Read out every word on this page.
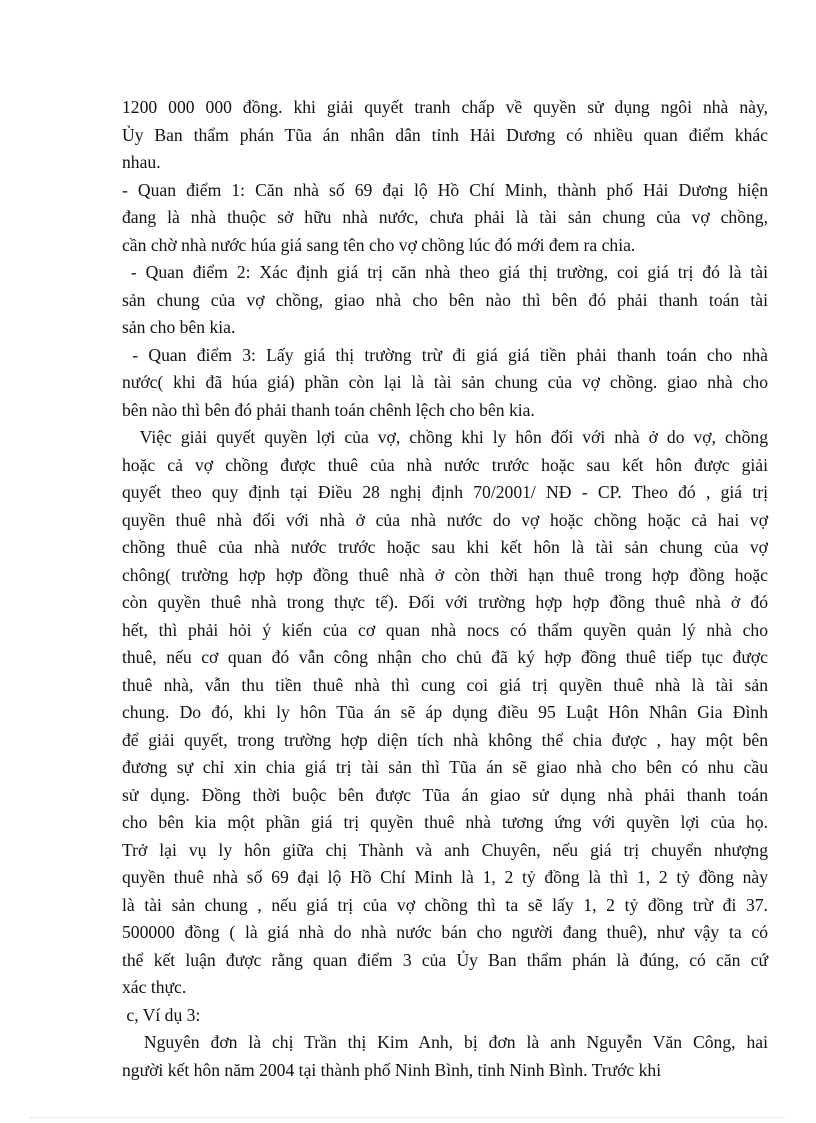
1200 000 000 đồng. khi giải quyết tranh chấp về quyền sử dụng ngôi nhà này,
Ủy Ban thẩm phán Tũa án nhân dân tỉnh Hải Dương có nhiều quan điểm khác
nhau.
- Quan điểm 1: Căn nhà số 69 đại lộ Hồ Chí Minh, thành phố Hải Dương hiện
đang là nhà thuộc sở hữu nhà nước, chưa phải là tài sản chung của vợ chồng,
cần chờ nhà nước húa giá sang tên cho vợ chồng lúc đó mới đem ra chia.
- Quan điểm 2: Xác định giá trị căn nhà theo giá thị trường, coi giá trị đó là tài
sản chung của vợ chồng, giao nhà cho bên nào thì bên đó phải thanh toán tài
sản cho bên kia.
- Quan điểm 3: Lấy giá thị trường trừ đi giá giá tiền phải thanh toán cho nhà
nước( khi đã húa giá) phần còn lại là tài sản chung của vợ chồng. giao nhà cho
bên nào thì bên đó phải thanh toán chênh lệch cho bên kia.
Việc giải quyết quyền lợi của vợ, chồng khi ly hôn đối với nhà ở do vợ, chồng
hoặc cả vợ chồng được thuê của nhà nước trước hoặc sau kết hôn được giải
quyết theo quy định tại Điều 28 nghị định 70/2001/ NĐ - CP. Theo đó , giá trị
quyền thuê nhà đối với nhà ở của nhà nước do vợ hoặc chồng hoặc cả hai vợ
chồng thuê của nhà nước trước hoặc sau khi kết hôn là tài sản chung của vợ
chông( trường hợp hợp đồng thuê nhà ở còn thời hạn thuê trong hợp đồng hoặc
còn quyền thuê nhà trong thực tế). Đối với trường hợp hợp đồng thuê nhà ở đó
hết, thì phải hỏi ý kiến của cơ quan nhà nocs có thẩm quyền quản lý nhà cho
thuê, nếu cơ quan đó vẫn công nhận cho chủ đã ký hợp đồng thuê tiếp tục được
thuê nhà, vẫn thu tiền thuê nhà thì cung coi giá trị quyền thuê nhà là tài sản
chung. Do đó, khi ly hôn Tũa án sẽ áp dụng điều 95 Luật Hôn Nhân Gia Đình
để giải quyết, trong trường hợp diện tích nhà không thể chia được , hay một bên
đương sự chỉ xin chia giá trị tài sản thì Tũa án sẽ giao nhà cho bên có nhu cầu
sử dụng. Đồng thời buộc bên được Tũa án giao sử dụng nhà phải thanh toán
cho bên kia một phần giá trị quyền thuê nhà tương ứng với quyền lợi của họ.
Trở lại vụ ly hôn giữa chị Thành và anh Chuyên, nếu giá trị chuyển nhượng
quyền thuê nhà số 69 đại lộ Hồ Chí Minh là 1, 2 tỷ đồng là thì 1, 2 tỷ đồng này
là tài sản chung , nếu giá trị của vợ chồng thì ta sẽ lấy 1, 2 tỷ đồng trừ đi 37.
500000 đồng ( là giá nhà do nhà nước bán cho người đang thuê), như vậy ta có
thể kết luận được rằng quan điểm 3 của Ủy Ban thẩm phán là đúng, có căn cứ
xác thực.
c, Ví dụ 3:
Nguyên đơn là chị Trần thị Kim Anh, bị đơn là anh Nguyễn Văn Công, hai
người kết hôn năm 2004 tại thành phố Ninh Bình, tỉnh Ninh Bình. Trước khi
